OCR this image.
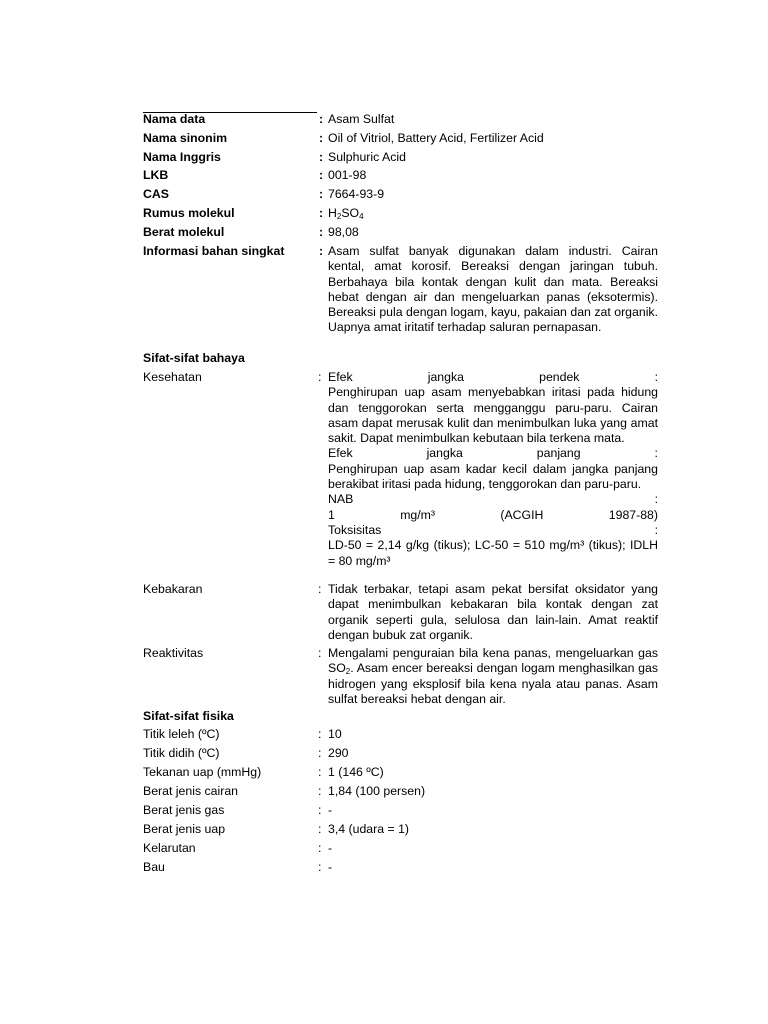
Nama data	: Asam Sulfat
Nama sinonim	: Oil of Vitriol, Battery Acid, Fertilizer Acid
Nama Inggris	: Sulphuric Acid
LKB	: 001-98
CAS	: 7664-93-9
Rumus molekul	: $H_2SO_4$
Berat molekul	: 98,08
Informasi bahan singkat	: Asam sulfat banyak digunakan dalam industri. Cairan kental, amat korosif. Bereaksi dengan jaringan tubuh. Berbahaya bila kontak dengan kulit dan mata. Bereaksi hebat dengan air dan mengeluarkan panas (eksotermis). Bereaksi pula dengan logam, kayu, pakaian dan zat organik. Uapnya amat iritatif terhadap saluran pernapasan.
Sifat-sifat bahaya
Kesehatan	: Efek	jangka	pendek	:
Penghirupan uap asam menyebabkan iritasi pada hidung dan tenggorokan serta mengganggu paru-paru. Cairan asam dapat merusak kulit dan menimbulkan luka yang amat sakit. Dapat menimbulkan kebutaan bila terkena mata.
Efek	jangka	panjang	:
Penghirupan uap asam kadar kecil dalam jangka panjang berakibat iritasi pada hidung, tenggorokan dan paru-paru.
NAB	:
1	mg/m³	(ACGIH	1987-88)
Toksisitas	:
LD-50 = 2,14 g/kg (tikus); LC-50 = 510 mg/m³ (tikus); IDLH = 80 mg/m³
Kebakaran	: Tidak terbakar, tetapi asam pekat bersifat oksidator yang dapat menimbulkan kebakaran bila kontak dengan zat organik seperti gula, selulosa dan lain-lain. Amat reaktif dengan bubuk zat organik.
Reaktivitas	: Mengalami penguraian bila kena panas, mengeluarkan gas $SO_2$. Asam encer bereaksi dengan logam menghasilkan gas hidrogen yang eksplosif bila kena nyala atau panas. Asam sulfat bereaksi hebat dengan air.
Sifat-sifat fisika
Titik leleh (ºC)	: 10
Titik didih (ºC)	: 290
Tekanan uap (mmHg)	: 1 (146 ºC)
Berat jenis cairan	: 1,84 (100 persen)
Berat jenis gas	: -
Berat jenis uap	: 3,4 (udara = 1)
Kelarutan	: -
Bau	: -
